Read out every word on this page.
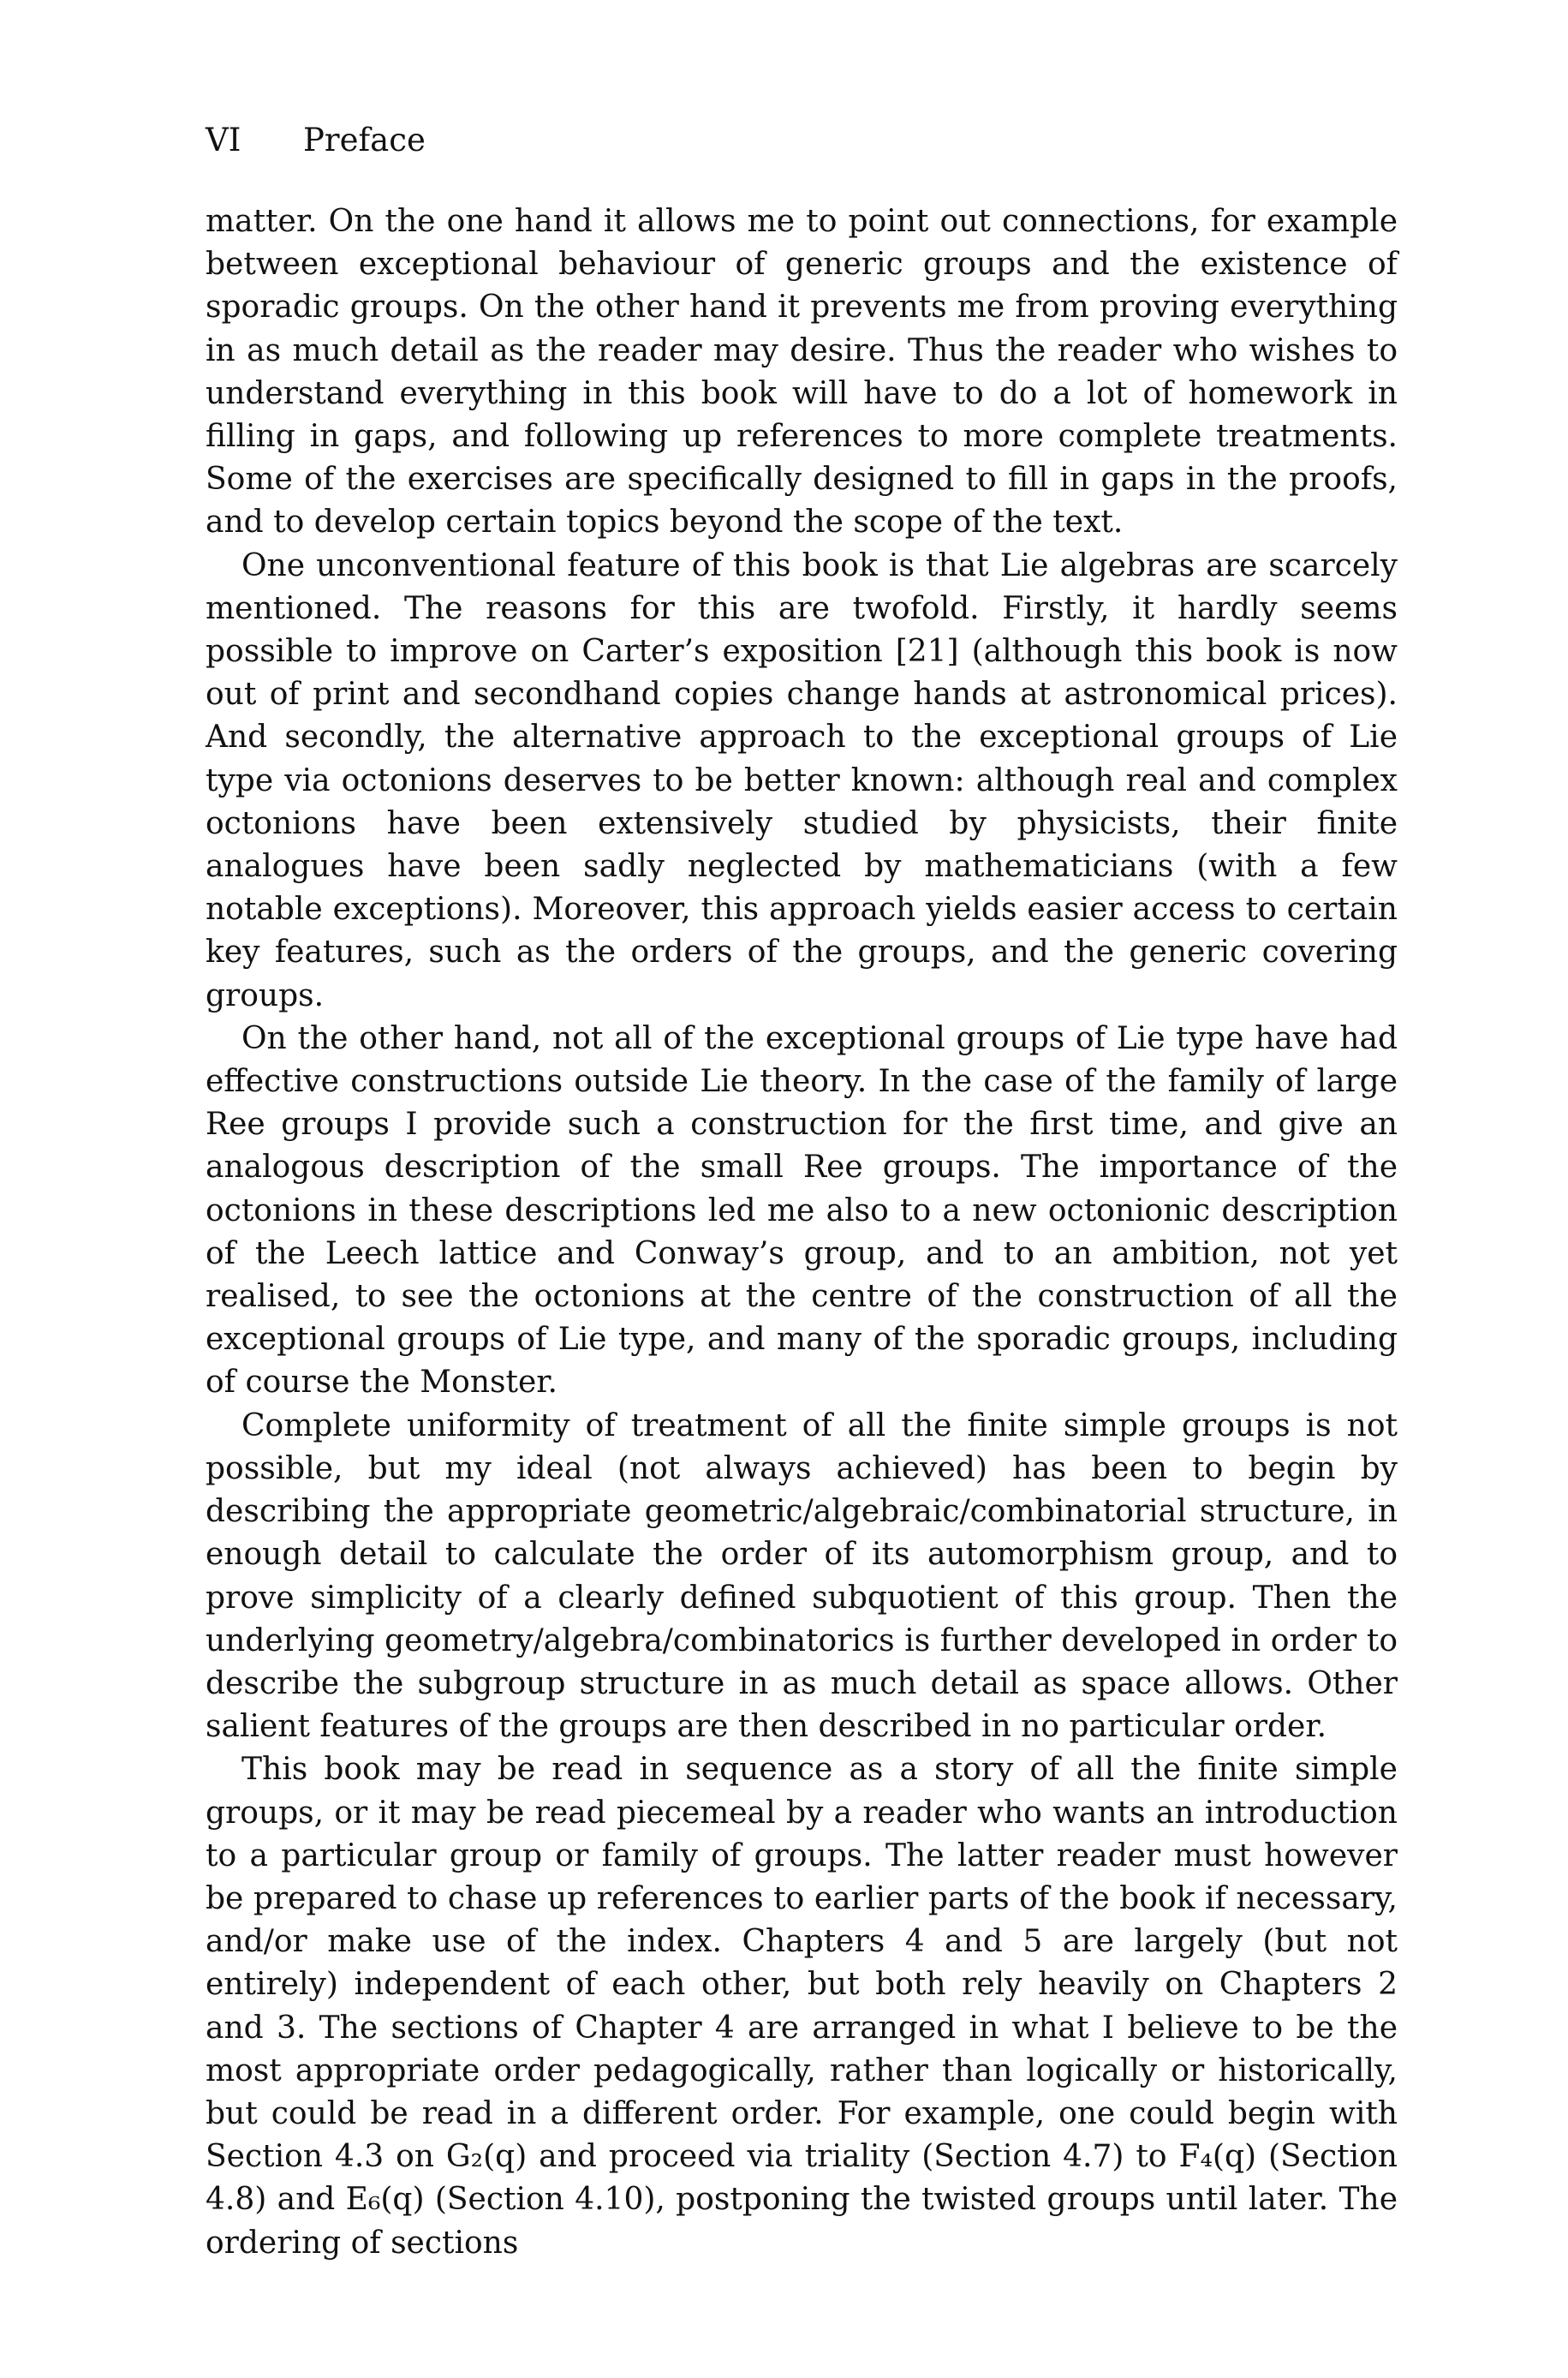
VI Preface

matter. On the one hand it allows me to point out connections, for example between exceptional behaviour of generic groups and the existence of sporadic groups. On the other hand it prevents me from proving everything in as much detail as the reader may desire. Thus the reader who wishes to understand everything in this book will have to do a lot of homework in filling in gaps, and following up references to more complete treatments. Some of the exercises are specifically designed to fill in gaps in the proofs, and to develop certain topics beyond the scope of the text.

One unconventional feature of this book is that Lie algebras are scarcely mentioned. The reasons for this are twofold. Firstly, it hardly seems possible to improve on Carter’s exposition [21] (although this book is now out of print and secondhand copies change hands at astronomical prices). And secondly, the alternative approach to the exceptional groups of Lie type via octonions deserves to be better known: although real and complex octonions have been extensively studied by physicists, their finite analogues have been sadly neglected by mathematicians (with a few notable exceptions). Moreover, this approach yields easier access to certain key features, such as the orders of the groups, and the generic covering groups.

On the other hand, not all of the exceptional groups of Lie type have had effective constructions outside Lie theory. In the case of the family of large Ree groups I provide such a construction for the first time, and give an analogous description of the small Ree groups. The importance of the octonions in these descriptions led me also to a new octonionic description of the Leech lattice and Conway’s group, and to an ambition, not yet realised, to see the octonions at the centre of the construction of all the exceptional groups of Lie type, and many of the sporadic groups, including of course the Monster.

Complete uniformity of treatment of all the finite simple groups is not possible, but my ideal (not always achieved) has been to begin by describing the appropriate geometric/algebraic/combinatorial structure, in enough detail to calculate the order of its automorphism group, and to prove simplicity of a clearly defined subquotient of this group. Then the underlying geometry/algebra/combinatorics is further developed in order to describe the subgroup structure in as much detail as space allows. Other salient features of the groups are then described in no particular order.

This book may be read in sequence as a story of all the finite simple groups, or it may be read piecemeal by a reader who wants an introduction to a particular group or family of groups. The latter reader must however be prepared to chase up references to earlier parts of the book if necessary, and/or make use of the index. Chapters 4 and 5 are largely (but not entirely) independent of each other, but both rely heavily on Chapters 2 and 3. The sections of Chapter 4 are arranged in what I believe to be the most appropriate order pedagogically, rather than logically or historically, but could be read in a different order. For example, one could begin with Section 4.3 on G₂(q) and proceed via triality (Section 4.7) to F₄(q) (Section 4.8) and E₆(q) (Section 4.10), postponing the twisted groups until later. The ordering of sections
